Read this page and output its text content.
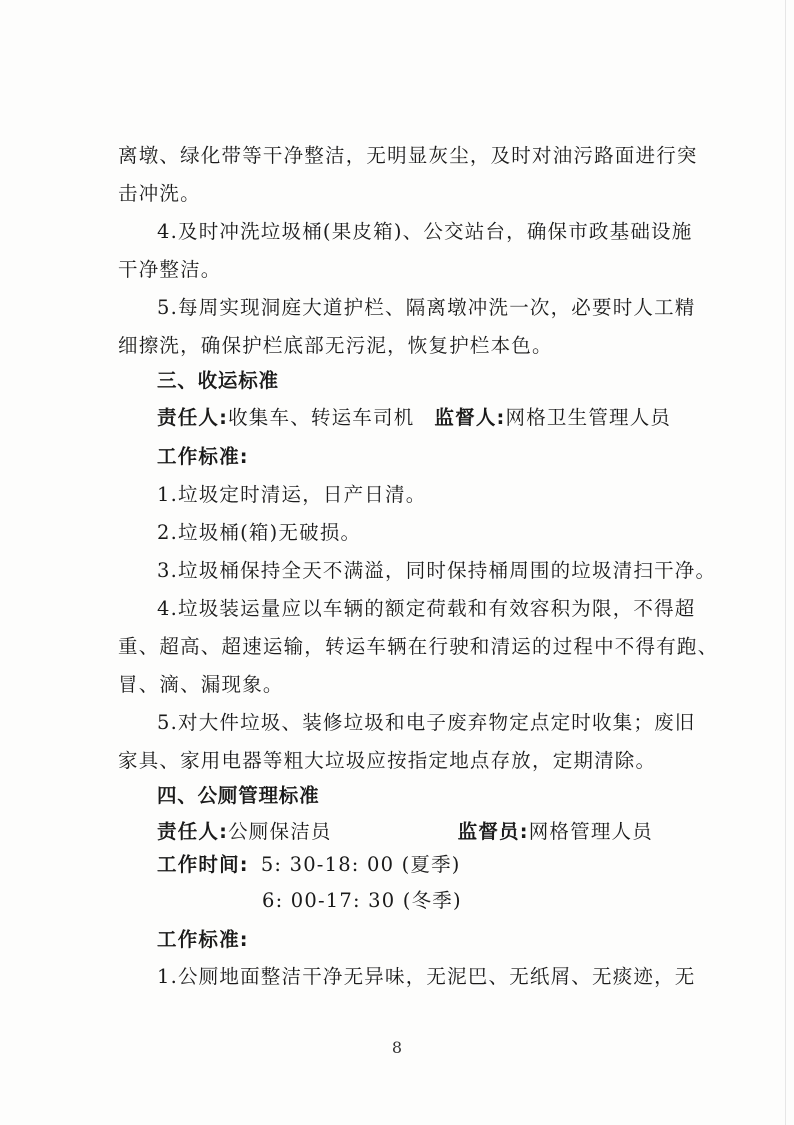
离墩、绿化带等干净整洁，无明显灰尘，及时对油污路面进行突
击冲洗。
4.及时冲洗垃圾桶(果皮箱)、公交站台，确保市政基础设施
干净整洁。
5.每周实现洞庭大道护栏、隔离墩冲洗一次，必要时人工精
细擦洗，确保护栏底部无污泥，恢复护栏本色。
三、收运标准
责任人:收集车、转运车司机 监督人:网格卫生管理人员
工作标准:
1.垃圾定时清运，日产日清。
2.垃圾桶(箱)无破损。
3.垃圾桶保持全天不满溢，同时保持桶周围的垃圾清扫干净。
4.垃圾装运量应以车辆的额定荷载和有效容积为限，不得超
重、超高、超速运输，转运车辆在行驶和清运的过程中不得有跑、
冒、滴、漏现象。
5.对大件垃圾、装修垃圾和电子废弃物定点定时收集；废旧
家具、家用电器等粗大垃圾应按指定地点存放，定期清除。
四、公厕管理标准
责任人:公厕保洁员	监督员:网格管理人员
工作时间: 5: 30-18: 00 (夏季)
6: 00-17: 30 (冬季)
工作标准:
1.公厕地面整洁干净无异味，无泥巴、无纸屑、无痰迹，无
8
